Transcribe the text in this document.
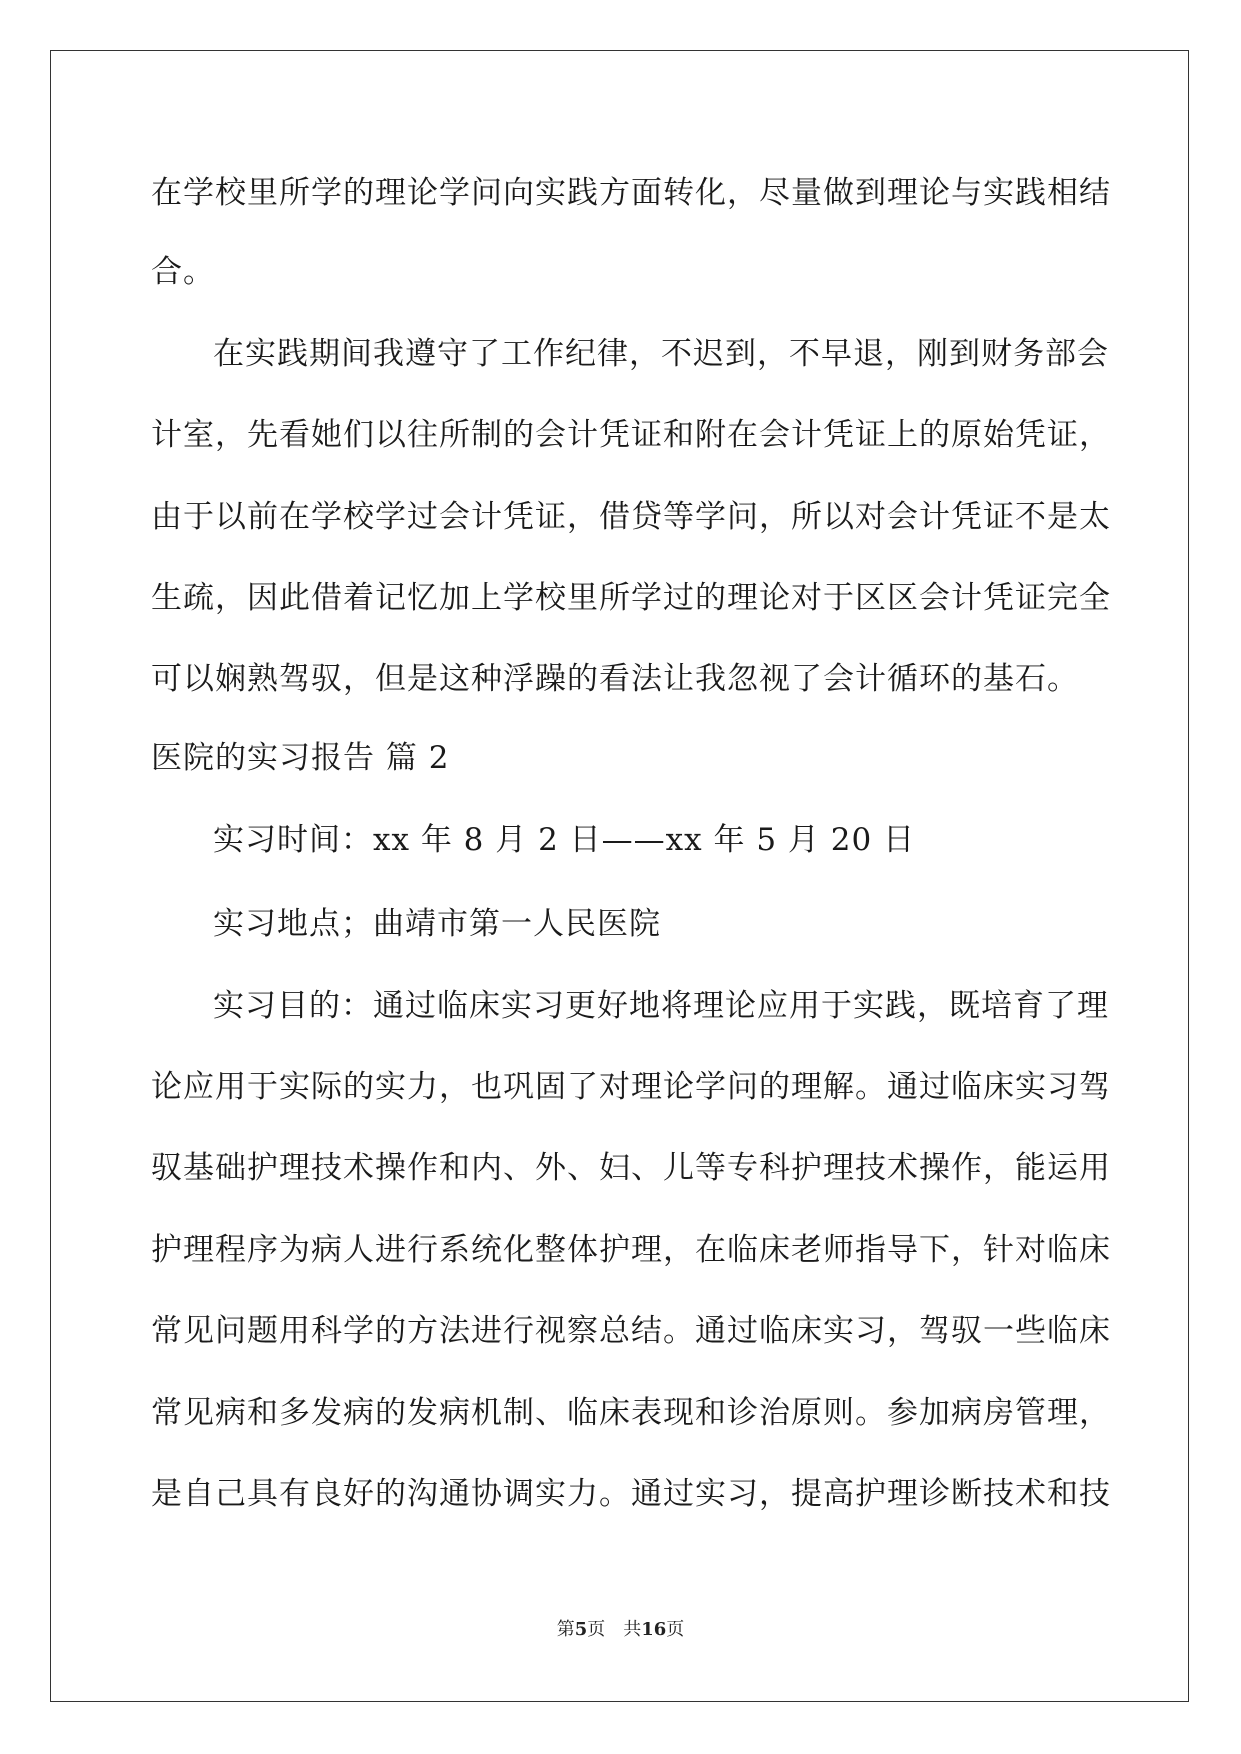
在学校里所学的理论学问向实践方面转化，尽量做到理论与实践相结
合。
在实践期间我遵守了工作纪律，不迟到，不早退，刚到财务部会
计室，先看她们以往所制的会计凭证和附在会计凭证上的原始凭证，
由于以前在学校学过会计凭证，借贷等学问，所以对会计凭证不是太
生疏，因此借着记忆加上学校里所学过的理论对于区区会计凭证完全
可以娴熟驾驭，但是这种浮躁的看法让我忽视了会计循环的基石。
医院的实习报告 篇 2
实习时间：xx 年 8 月 2 日——xx 年 5 月 20 日
实习地点；曲靖市第一人民医院
实习目的：通过临床实习更好地将理论应用于实践，既培育了理
论应用于实际的实力，也巩固了对理论学问的理解。通过临床实习驾
驭基础护理技术操作和内、外、妇、儿等专科护理技术操作，能运用
护理程序为病人进行系统化整体护理，在临床老师指导下，针对临床
常见问题用科学的方法进行视察总结。通过临床实习，驾驭一些临床
常见病和多发病的发病机制、临床表现和诊治原则。参加病房管理，
是自己具有良好的沟通协调实力。通过实习，提高护理诊断技术和技
第5页 共16页
